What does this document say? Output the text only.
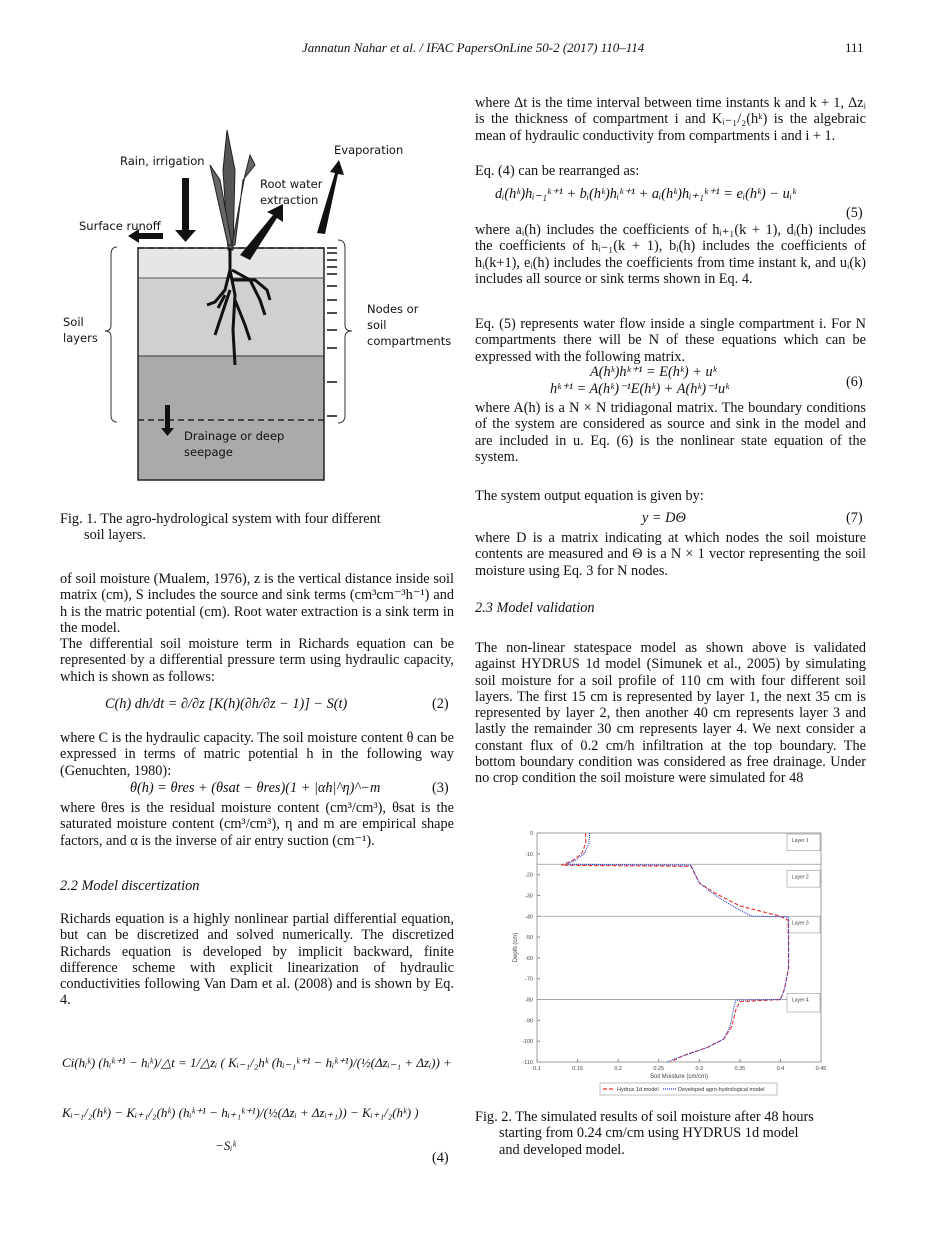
Jannatun Nahar et al. / IFAC PapersOnLine 50-2 (2017) 110–114	111
Rain, irrigation
Evaporation
Root water
extraction
Surface runoff
Soil
layers
Nodes or
soil
compartments
Drainage or deep
seepage
Fig. 1. The agro-hydrological system with four different
soil layers.
of soil moisture (Mualem, 1976), z is the vertical distance inside soil matrix (cm), S includes the source and sink terms (cm³cm⁻³h⁻¹) and h is the matric potential (cm). Root water extraction is a sink term in the model.
The differential soil moisture term in Richards equation can be represented by a differential pressure term using hydraulic capacity, which is shown as follows:
C(h) dh/dt = ∂/∂z [K(h)(∂h/∂z − 1)] − S(t)	(2)
where C is the hydraulic capacity. The soil moisture content θ can be expressed in terms of matric potential h in the following way (Genuchten, 1980):
θ(h) = θres + (θsat − θres)(1 + |αh|^η)^−m	(3)
where θres is the residual moisture content (cm³/cm³), θsat is the saturated moisture content (cm³/cm³), η and m are empirical shape factors, and α is the inverse of air entry suction (cm⁻¹).
2.2 Model discertization
Richards equation is a highly nonlinear partial differential equation, but can be discretized and solved numerically. The discretized Richards equation is developed by implicit backward, finite difference scheme with explicit linearization of hydraulic conductivities following Van Dam et al. (2008) and is shown by Eq. 4.
Ci(hᵢᵏ) (hᵢᵏ⁺¹ − hᵢᵏ)/△t = 1/△zᵢ ( Kᵢ₋₁/₂hᵏ (hᵢ₋₁ᵏ⁺¹ − hᵢᵏ⁺¹)/(½(Δzᵢ₋₁ + Δzᵢ)) +
Kᵢ₋₁/₂(hᵏ) − Kᵢ₊₁/₂(hᵏ) (hᵢᵏ⁺¹ − hᵢ₊₁ᵏ⁺¹)/(½(Δzᵢ + Δzᵢ₊₁)) − Kᵢ₊₁/₂(hᵏ) )
−Sᵢᵏ
(4)
where Δt is the time interval between time instants k and k + 1, Δzᵢ is the thickness of compartment i and Kᵢ₋₁/₂(hᵏ) is the algebraic mean of hydraulic conductivity from compartments i and i + 1.
Eq. (4) can be rearranged as:
dᵢ(hᵏ)hᵢ₋₁ᵏ⁺¹ + bᵢ(hᵏ)hᵢᵏ⁺¹ + aᵢ(hᵏ)hᵢ₊₁ᵏ⁺¹ = eᵢ(hᵏ) − uᵢᵏ
(5)
where aᵢ(h) includes the coefficients of hᵢ₊₁(k + 1), dᵢ(h) includes the coefficients of hᵢ₋₁(k + 1), bᵢ(h) includes the coefficients of hᵢ(k+1), eᵢ(h) includes the coefficients from time instant k, and uᵢ(k) includes all source or sink terms shown in Eq. 4.
Eq. (5) represents water flow inside a single compartment i. For N compartments there will be N of these equations which can be expressed with the following matrix.
A(hᵏ)hᵏ⁺¹ = E(hᵏ) + uᵏ
hᵏ⁺¹ = A(hᵏ)⁻¹E(hᵏ) + A(hᵏ)⁻¹uᵏ	(6)
where A(h) is a N × N tridiagonal matrix. The boundary conditions of the system are considered as source and sink in the model and are included in u. Eq. (6) is the nonlinear state equation of the system.
The system output equation is given by:
y = DΘ	(7)
where D is a matrix indicating at which nodes the soil moisture contents are measured and Θ is a N × 1 vector representing the soil moisture using Eq. 3 for N nodes.
2.3 Model validation
The non-linear statespace model as shown above is validated against HYDRUS 1d model (Simunek et al., 2005) by simulating soil moisture for a soil profile of 110 cm with four different soil layers. The first 15 cm is represented by layer 1, the next 35 cm is represented by layer 2, then another 40 cm represents layer 3 and lastly the remainder 30 cm represents layer 4. We next consider a constant flux of 0.2 cm/h infiltration at the top boundary. The bottom boundary condition was considered as free drainage. Under no crop condition the soil moisture were simulated for 48
0.1	0.15	0.2	0.25	0.3	0.35	0.4	0.45
0
-10
-20
-30
-40
-50
-60
-70
-80
-90
-100
-110
Soil Moisture (cm/cm)
Depth (cm)
Layer 1
Layer 2
Layer 3
Layer 4
Hydrus 1d model	Developed agro-hydrological model
Fig. 2. The simulated results of soil moisture after 48 hours
starting from 0.24 cm/cm using HYDRUS 1d model
and developed model.
